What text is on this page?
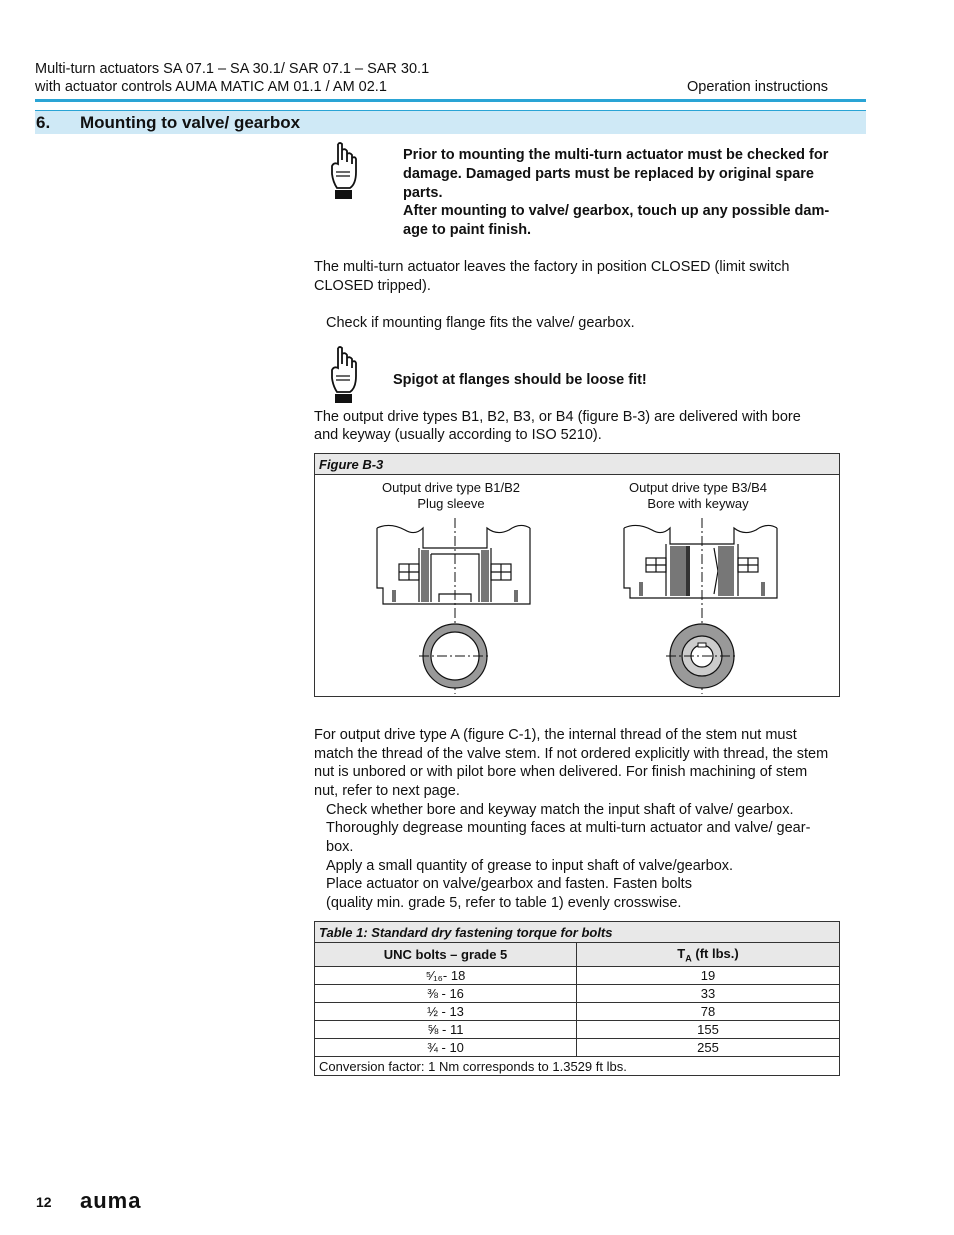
Multi-turn actuators SA 07.1 – SA 30.1/ SAR 07.1 – SAR 30.1
with actuator controls AUMA MATIC AM 01.1 / AM 02.1	Operation instructions
6. Mounting to valve/ gearbox
Prior to mounting the multi-turn actuator must be checked for
damage. Damaged parts must be replaced by original spare
parts.
After mounting to valve/ gearbox, touch up any possible dam-
age to paint finish.
The multi-turn actuator leaves the factory in position CLOSED (limit switch
CLOSED tripped).
Check if mounting flange fits the valve/ gearbox.
Spigot at flanges should be loose fit!
The output drive types B1, B2, B3, or B4 (figure B-3) are delivered with bore
and keyway (usually according to ISO 5210).
Figure B-3
Output drive type B1/B2
Plug sleeve
Output drive type B3/B4
Bore with keyway
For output drive type A (figure C-1), the internal thread of the stem nut must
match the thread of the valve stem. If not ordered explicitly with thread, the stem
nut is unbored or with pilot bore when delivered. For finish machining of stem
nut, refer to next page.
Check whether bore and keyway match the input shaft of valve/ gearbox.
Thoroughly degrease mounting faces at multi-turn actuator and valve/ gear-
box.
Apply a small quantity of grease to input shaft of valve/gearbox.
Place actuator on valve/gearbox and fasten. Fasten bolts
(quality min. grade 5, refer to table 1) evenly crosswise.
Table 1: Standard dry fastening torque for bolts	
UNC bolts – grade 5	$T_A$ (ft lbs.)
⁵⁄₁₆- 18	19
⅜ - 16	33
½ - 13	78
⅝ - 11	155
¾ - 10	255
Conversion factor: 1 Nm corresponds to 1.3529 ft lbs.	
12 auma
